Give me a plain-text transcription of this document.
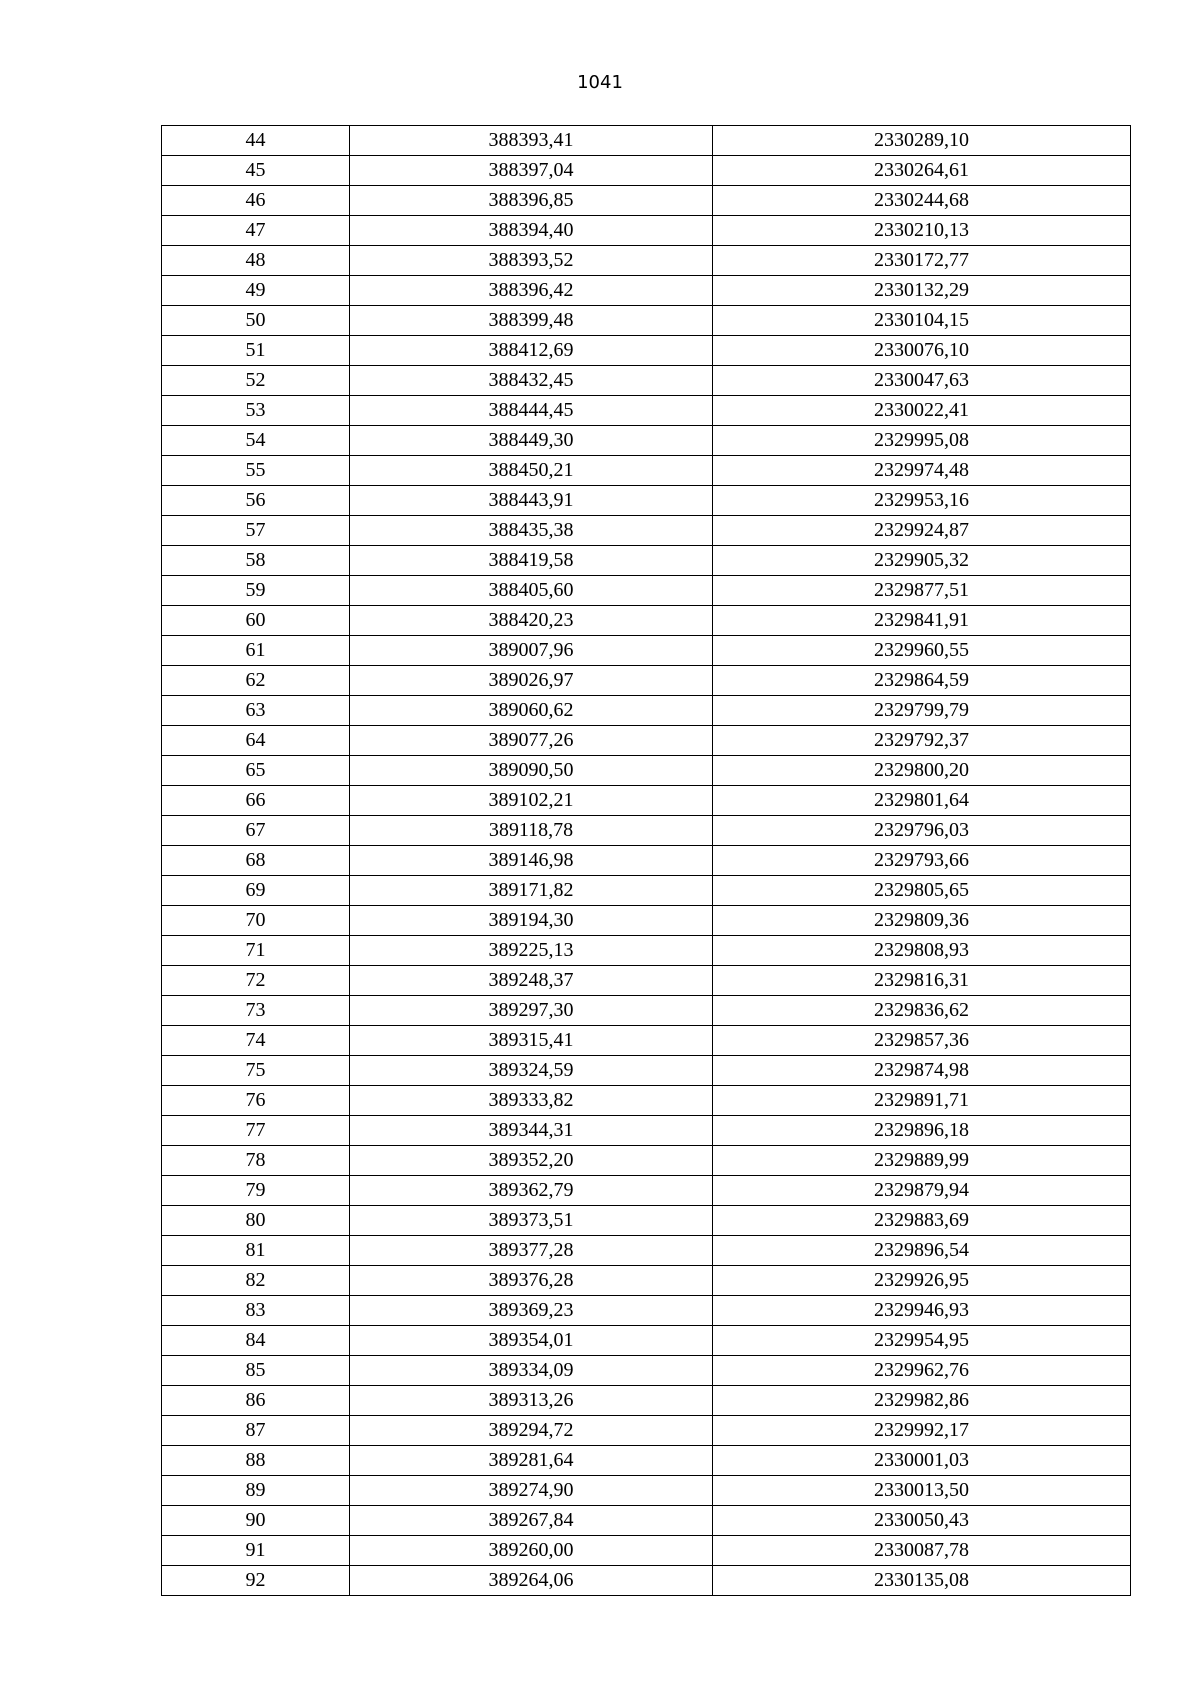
1041
44	388393,41	2330289,10
45	388397,04	2330264,61
46	388396,85	2330244,68
47	388394,40	2330210,13
48	388393,52	2330172,77
49	388396,42	2330132,29
50	388399,48	2330104,15
51	388412,69	2330076,10
52	388432,45	2330047,63
53	388444,45	2330022,41
54	388449,30	2329995,08
55	388450,21	2329974,48
56	388443,91	2329953,16
57	388435,38	2329924,87
58	388419,58	2329905,32
59	388405,60	2329877,51
60	388420,23	2329841,91
61	389007,96	2329960,55
62	389026,97	2329864,59
63	389060,62	2329799,79
64	389077,26	2329792,37
65	389090,50	2329800,20
66	389102,21	2329801,64
67	389118,78	2329796,03
68	389146,98	2329793,66
69	389171,82	2329805,65
70	389194,30	2329809,36
71	389225,13	2329808,93
72	389248,37	2329816,31
73	389297,30	2329836,62
74	389315,41	2329857,36
75	389324,59	2329874,98
76	389333,82	2329891,71
77	389344,31	2329896,18
78	389352,20	2329889,99
79	389362,79	2329879,94
80	389373,51	2329883,69
81	389377,28	2329896,54
82	389376,28	2329926,95
83	389369,23	2329946,93
84	389354,01	2329954,95
85	389334,09	2329962,76
86	389313,26	2329982,86
87	389294,72	2329992,17
88	389281,64	2330001,03
89	389274,90	2330013,50
90	389267,84	2330050,43
91	389260,00	2330087,78
92	389264,06	2330135,08
